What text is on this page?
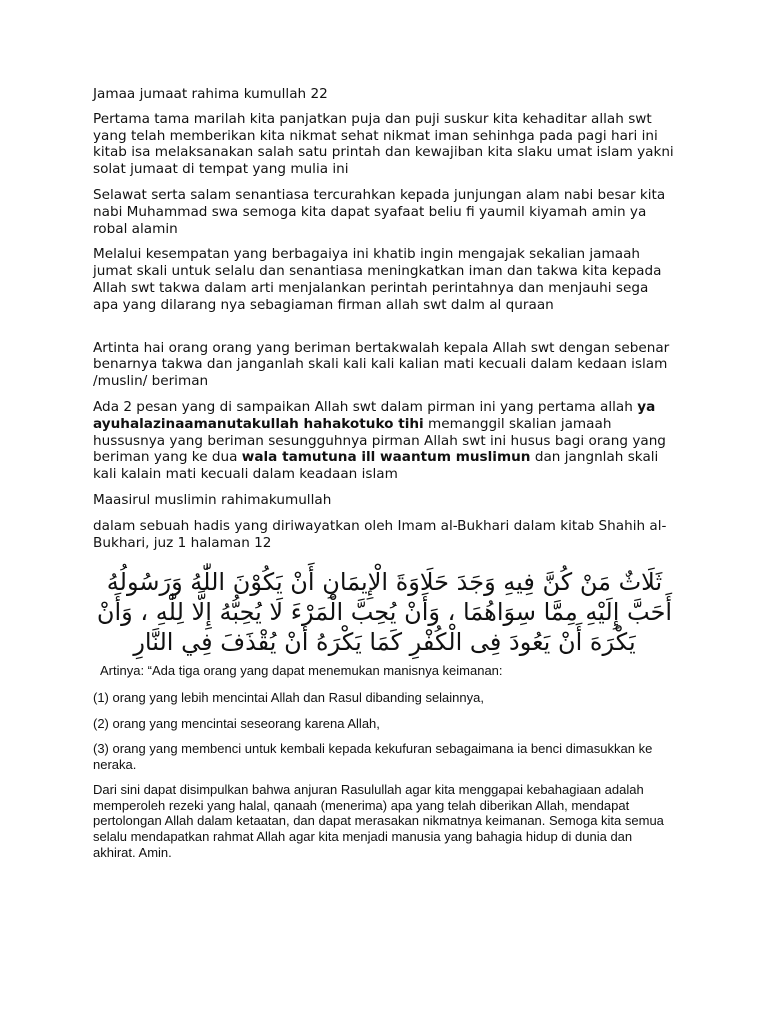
Jamaa jumaat rahima kumullah 22

Pertama tama marilah kita panjatkan puja dan puji suskur kita kehaditar allah swt yang telah memberikan kita nikmat sehat nikmat iman sehinhga pada pagi hari ini kitab isa melaksanakan salah satu printah dan kewajiban kita slaku umat islam yakni solat jumaat di tempat yang mulia ini

Selawat serta salam senantiasa tercurahkan kepada junjungan alam nabi besar kita nabi Muhammad swa semoga kita dapat syafaat beliu fi yaumil kiyamah amin ya robal alamin

Melalui kesempatan yang berbagaiya ini khatib ingin mengajak sekalian jamaah jumat skali untuk selalu dan senantiasa meningkatkan iman dan takwa kita kepada Allah swt takwa dalam arti menjalankan perintah perintahnya dan menjauhi sega apa yang dilarang nya sebagiaman firman allah swt dalm al quraan

Artinta hai orang orang yang beriman bertakwalah kepala Allah swt dengan sebenar benarnya takwa dan janganlah skali kali kali kalian mati kecuali dalam kedaan islam /muslin/ beriman

Ada 2 pesan yang di sampaikan Allah swt dalam pirman ini yang pertama allah ya ayuhalazinaamanutakullah hahakotuko tihi memanggil skalian jamaah hussusnya yang beriman sesungguhnya pirman Allah swt ini husus bagi orang yang beriman yang ke dua wala tamutuna ill waantum muslimun dan jangnlah skali kali kalain mati kecuali dalam keadaan islam

Maasirul muslimin rahimakumullah

dalam sebuah hadis yang diriwayatkan oleh Imam al-Bukhari dalam kitab Shahih al-Bukhari, juz 1 halaman 12

ثَلَاثٌ مَنْ كُنَّ فِيهِ وَجَدَ حَلَاوَةَ الْإِيمَانِ أَنْ يَكُوْنَ اللّٰهُ وَرَسُولُهُ أَحَبَّ إِلَيْهِ مِمَّا سِوَاهُمَا ، وَأَنْ يُحِبَّ الْمَرْءَ لَا يُحِبُّهُ إِلَّا لِلّٰهِ ، وَأَنْ يَكْرَهَ أَنْ يَعُودَ فِى الْكُفْرِ كَمَا يَكْرَهُ أَنْ يُقْذَفَ فِي النَّارِ

Artinya: “Ada tiga orang yang dapat menemukan manisnya keimanan:

(1) orang yang lebih mencintai Allah dan Rasul dibanding selainnya,

(2) orang yang mencintai seseorang karena Allah,

(3) orang yang membenci untuk kembali kepada kekufuran sebagaimana ia benci dimasukkan ke neraka.

Dari sini dapat disimpulkan bahwa anjuran Rasulullah agar kita menggapai kebahagiaan adalah memperoleh rezeki yang halal, qanaah (menerima) apa yang telah diberikan Allah, mendapat pertolongan Allah dalam ketaatan, dan dapat merasakan nikmatnya keimanan. Semoga kita semua selalu mendapatkan rahmat Allah agar kita menjadi manusia yang bahagia hidup di dunia dan akhirat. Amin.
